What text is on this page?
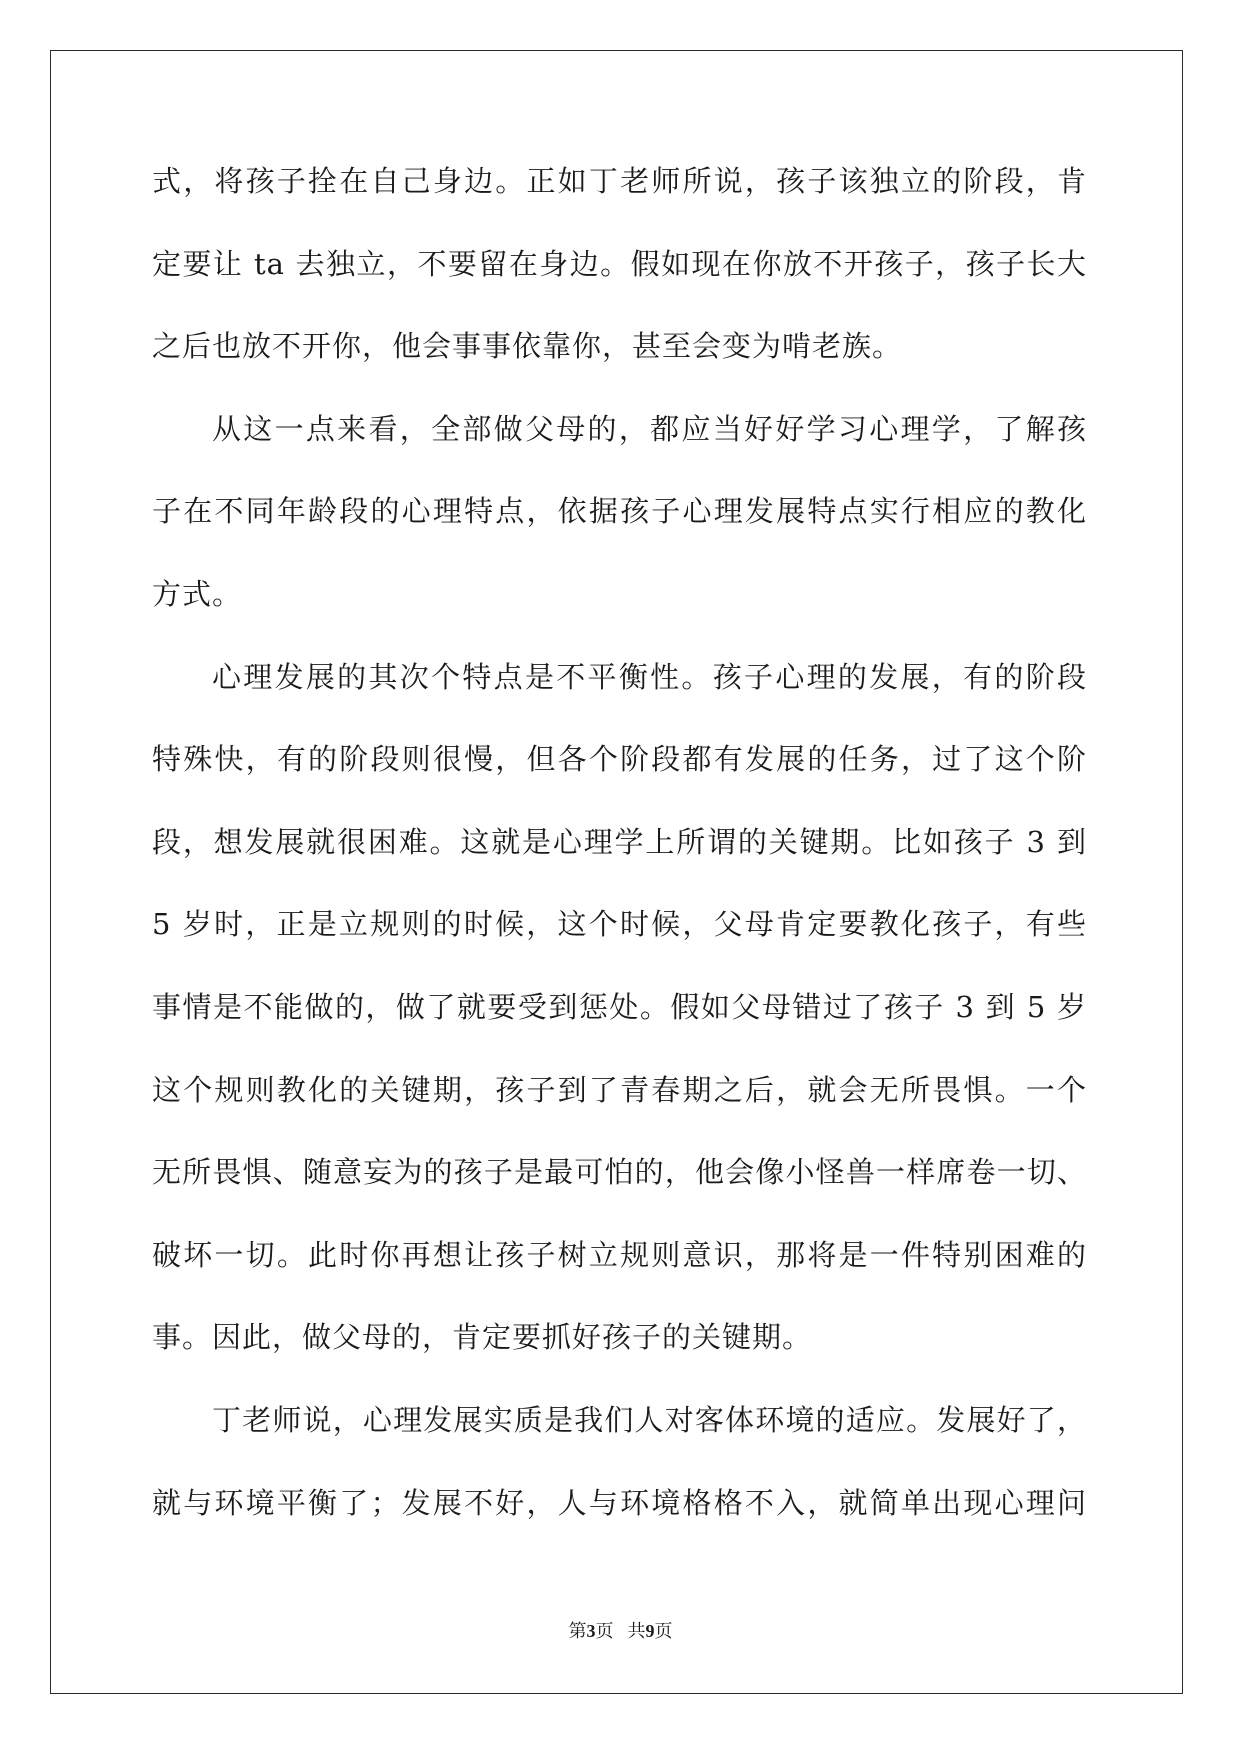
式，将孩子拴在自己身边。正如丁老师所说，孩子该独立的阶段，肯
定要让 ta 去独立，不要留在身边。假如现在你放不开孩子，孩子长大
之后也放不开你，他会事事依靠你，甚至会变为啃老族。
从这一点来看，全部做父母的，都应当好好学习心理学，了解孩
子在不同年龄段的心理特点，依据孩子心理发展特点实行相应的教化
方式。
心理发展的其次个特点是不平衡性。孩子心理的发展，有的阶段
特殊快，有的阶段则很慢，但各个阶段都有发展的任务，过了这个阶
段，想发展就很困难。这就是心理学上所谓的关键期。比如孩子 3 到
5 岁时，正是立规则的时候，这个时候，父母肯定要教化孩子，有些
事情是不能做的，做了就要受到惩处。假如父母错过了孩子 3 到 5 岁
这个规则教化的关键期，孩子到了青春期之后，就会无所畏惧。一个
无所畏惧、随意妄为的孩子是最可怕的，他会像小怪兽一样席卷一切、
破坏一切。此时你再想让孩子树立规则意识，那将是一件特别困难的
事。因此，做父母的，肯定要抓好孩子的关键期。
丁老师说，心理发展实质是我们人对客体环境的适应。发展好了，
就与环境平衡了；发展不好，人与环境格格不入，就简单出现心理问
第3页 共9页
